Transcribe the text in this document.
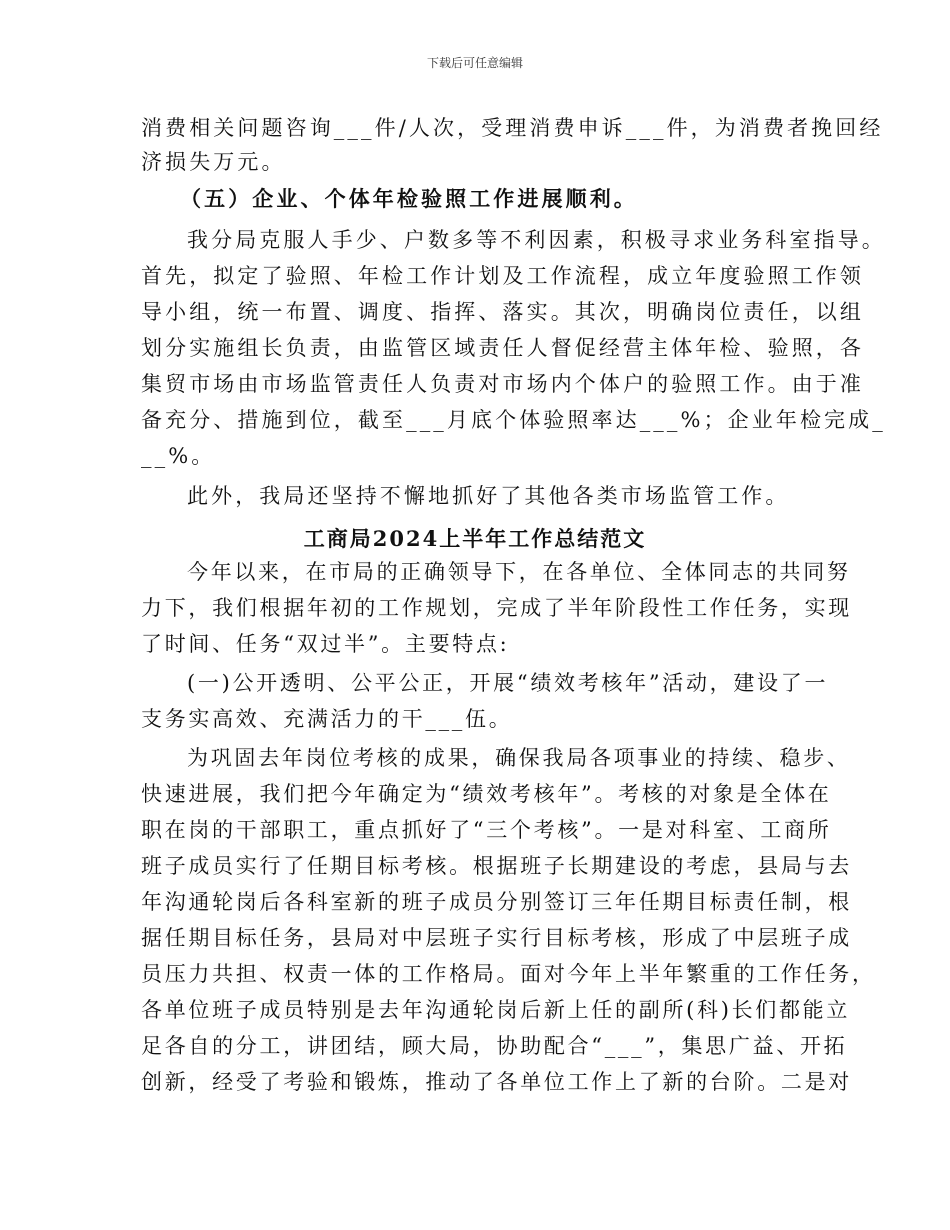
下载后可任意编辑
消费相关问题咨询___件/人次，受理消费申诉___件，为消费者挽回经
济损失万元。
（五）企业、个体年检验照工作进展顺利。
我分局克服人手少、户数多等不利因素，积极寻求业务科室指导。
首先，拟定了验照、年检工作计划及工作流程，成立年度验照工作领
导小组，统一布置、调度、指挥、落实。其次，明确岗位责任，以组
划分实施组长负责，由监管区域责任人督促经营主体年检、验照，各
集贸市场由市场监管责任人负责对市场内个体户的验照工作。由于准
备充分、措施到位，截至___月底个体验照率达___%；企业年检完成_
__%。
此外，我局还坚持不懈地抓好了其他各类市场监管工作。
工商局2024上半年工作总结范文
今年以来，在市局的正确领导下，在各单位、全体同志的共同努
力下，我们根据年初的工作规划，完成了半年阶段性工作任务，实现
了时间、任务“双过半”。主要特点:
(一)公开透明、公平公正，开展“绩效考核年”活动，建设了一
支务实高效、充满活力的干___伍。
为巩固去年岗位考核的成果，确保我局各项事业的持续、稳步、
快速进展，我们把今年确定为“绩效考核年”。考核的对象是全体在
职在岗的干部职工，重点抓好了“三个考核”。一是对科室、工商所
班子成员实行了任期目标考核。根据班子长期建设的考虑，县局与去
年沟通轮岗后各科室新的班子成员分别签订三年任期目标责任制，根
据任期目标任务，县局对中层班子实行目标考核，形成了中层班子成
员压力共担、权责一体的工作格局。面对今年上半年繁重的工作任务，
各单位班子成员特别是去年沟通轮岗后新上任的副所(科)长们都能立
足各自的分工，讲团结，顾大局，协助配合“___”，集思广益、开拓
创新，经受了考验和锻炼，推动了各单位工作上了新的台阶。二是对
